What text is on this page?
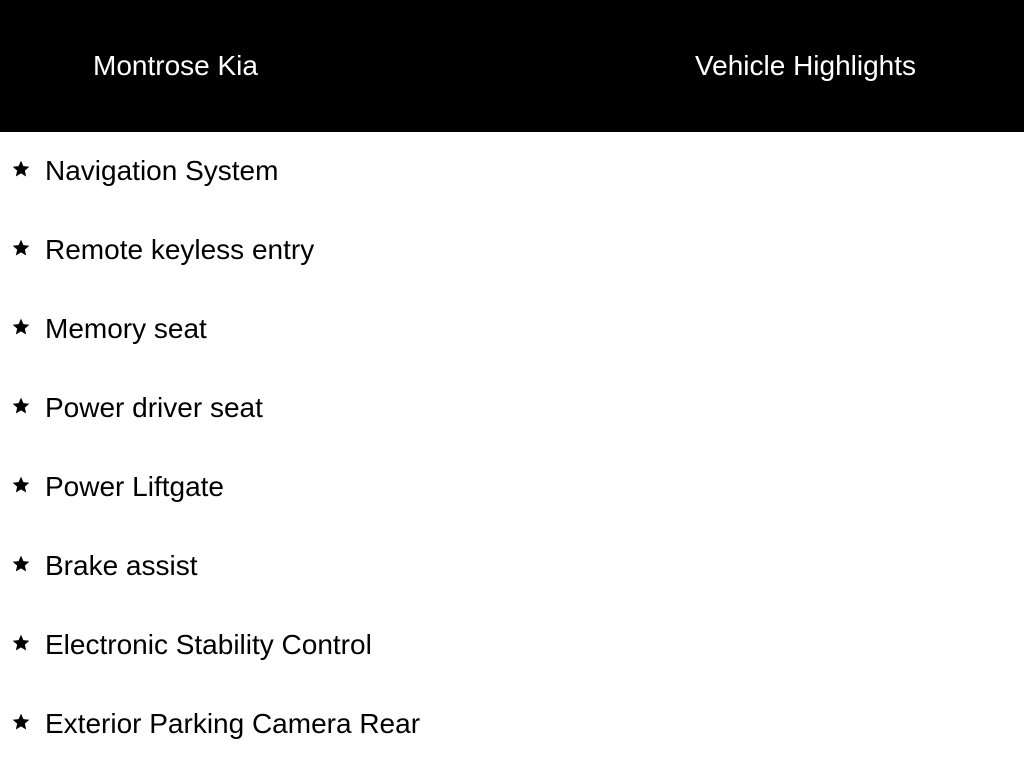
Montrose Kia	Vehicle Highlights
Navigation System
Remote keyless entry
Memory seat
Power driver seat
Power Liftgate
Brake assist
Electronic Stability Control
Exterior Parking Camera Rear
